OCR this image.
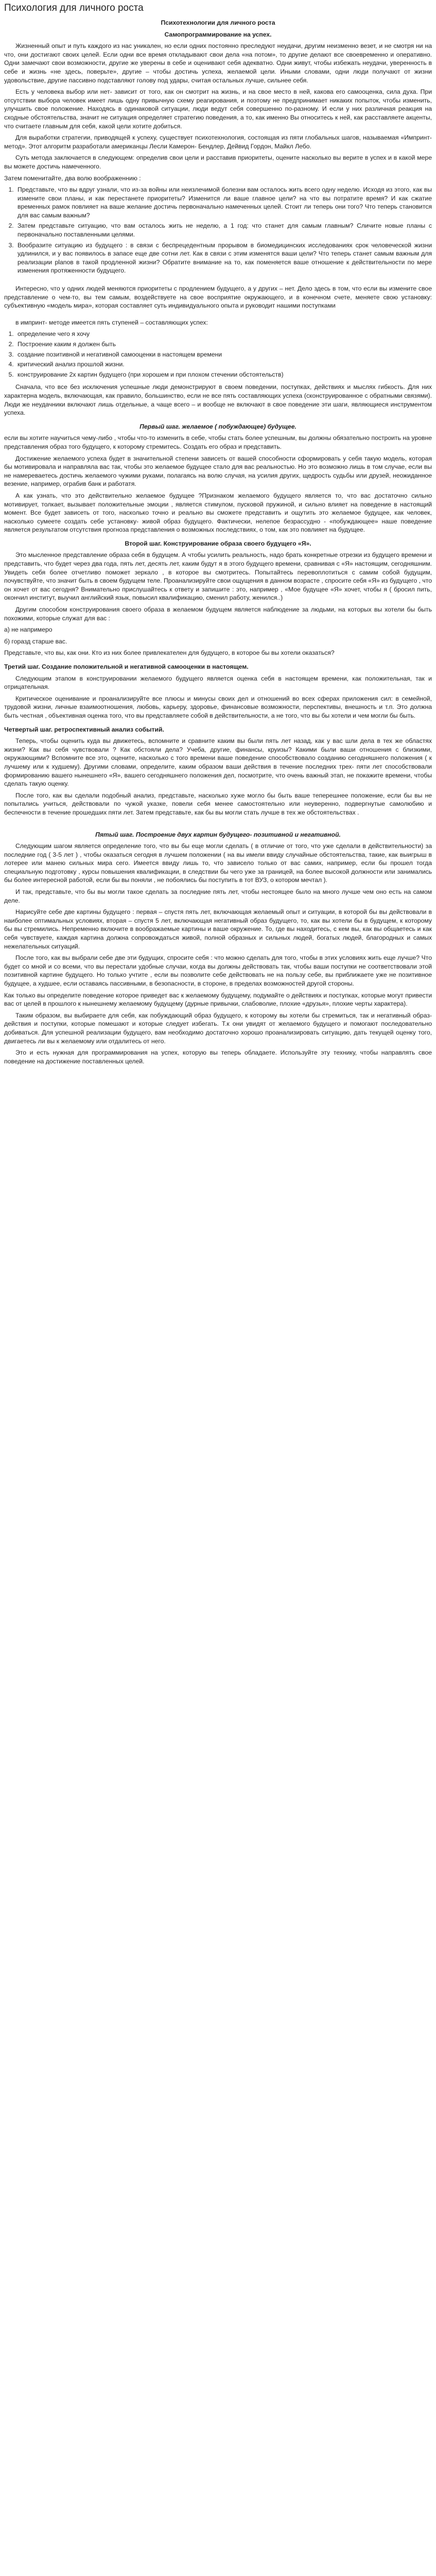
Психология для личного роста
Психотехнологии для личного роста
Самопрограммирование на успех.

Жизненный опыт и путь каждого из нас уникален, но если одних постоянно преследуют неудачи, другим неизменно везет, и не смотря ни на что, они достигают своих целей. Если одни все время откладывают свои дела «на потом», то другие делают все своевременно и оперативно. Одни замечают свои возможности, другие же уверены в себе и оценивают себя адекватно. Одни живут, чтобы избежать неудачи, уверенность в себе и жизнь «не здесь, поверьте», другие – чтобы достичь успеха, желаемой цели. Иными словами, одни люди получают от жизни удовольствие, другие пассивно подставляют голову под удары, считая остальных лучше, сильнее себя.

Есть у человека выбор или нет- зависит от того, как он смотрит на жизнь, и на свое место в ней, какова его самооценка, сила духа. При отсутствии выбора человек имеет лишь одну привычную схему реагирования, и поэтому не предпринимает никаких попыток, чтобы изменить, улучшить свое положение. Находясь в одинаковой ситуации, люди ведут себя совершенно по-разному. И если у них различная реакция на сходные обстоятельства, значит не ситуация определяет стратегию поведения, а то, как именно Вы относитесь к ней, как расставляете акценты, что считаете главным для себя, какой цели хотите добиться.

Для выработки стратегии, приводящей к успеху, существует психотехнология, состоящая из пяти глобальных шагов, называемая «Импринт- метод». Этот алгоритм разработали американцы Лесли Камерон- Бендлер, Дейвид Гордон, Майкл Лебо.

Суть метода заключается в следующем: определив свои цели и расставив приоритеты, оцените насколько вы верите в успех и в какой мере вы можете достичь намеченного.

Затем поменитайте, два волю воображеннию :

1. Представьте, что вы вдруг узнали, что из-за войны или неизлечимой болезни вам осталось жить всего одну неделю. Исходя из этого, как вы измените свои планы, и как перестанете приоритеты? Изменится ли ваше главное цели? на что вы потратите время? И как сжатие временных рамок повлияет на ваше желание достичь первоначально намеченных целей. Стоит ли теперь они того? Что теперь становится для вас самым важным?
2. Затем представьте ситуацию, что вам осталось жить не неделю, а 1 год: что станет для самым главным? Сличите новые планы с первоначально поставленными целями.
3. Вообразите ситуацию из будущего : в связи с беспрецедентным прорывом в биомедицинских исследованиях срок человеческой жизни удлинился, и у вас появилось в запасе еще две сотни лет. Как в связи с этим изменятся ваши цели? Что теперь станет самым важным для реализации planов в такой продленной жизни? Обратите внимание на то, как поменяется ваше отношение к действительности по мере изменения протяженности будущего.

Интересно, что у одних людей меняются приоритеты с продлением будущего, а у других – нет. Дело здесь в том, что если вы измените свое представление о чем-то, вы тем самым, воздействуете на свое восприятие окружающего, и в конечном счете, меняете свою установку: субъективную «модель мира», которая составляет суть индивидуального опыта и руководит нашими поступками

в импринт- методе имеется пять ступеней – составляющих успех:

1. определение чего я хочу
2. Построение каким я должен быть
3. создание позитивной и негативной самооценки в настоящем времени
4. критический анализ прошлой жизни.
5. конструирование 2х картин будущего (при хорошем и при плохом стечении обстоятельств)

Сначала, что все без исключения успешные люди демонстрируют в своем поведении, поступках, действиях и мыслях гибкость. Для них характерна модель, включающая, как правило, большинство, если не все пять составляющих успеха (сконструированное с обратными связями). Люди же неудачники включают лишь отдельные, а чаще всего – и вообще не включают в свое поведение эти шаги, являющиеся инструментом успеха.

Первый шаг. желаемое ( побуждающее) будущее.

если вы хотите научиться чему-либо , чтобы что-то изменить в себе, чтобы стать более успешным, вы должны обязательно построить на уровне представления образ того будущего, к которому стремитесь. Создать его образ и представить.

Достижение желаемого успеха будет в значительной степени зависеть от вашей способности сформировать у себя такую модель, которая бы мотивировала и направляла вас так, чтобы это желаемое будущее стало для вас реальностью. Но это возможно лишь в том случае, если вы не намереваетесь достичь желаемого чужими руками, полагаясь на волю случая, на усилия других, щедрость судьбы или друзей, неожиданное везение, например, ограбив банк и работатя.

А как узнать, что это действительно желаемое будущее ?Признаком желаемого будущего является то, что вас достаточно сильно мотивирует, толкает, вызывает положительные эмоции , является стимулом, пусковой пружиной, и сильно влияет на поведение в настоящий момент. Все будет зависеть от того, насколько точно и реально вы сможете представить и ощутить это желаемое будущее, как человек, насколько сумеете создать себе установку- живой образ будущего. Фактически, нелепое безрассудно - «побуждающее» наше поведение является результатом отсутствия прогноза представления о возможных последствиях, о том, как это повлияет на будущее.

Второй шаг. Конструирование образа своего будущего «Я».

Это мысленное представление образа себя в будущем. А чтобы усилить реальность, надо брать конкретные отрезки из будущего времени и представить, что будет через два года, пять лет, десять лет, каким будут я в этого будущего времени, сравнивая с «Я» настоящим, сегодняшним. Увидеть себя более отчетливо поможет зеркало , в которое вы смотритесь. Попытайтесь перевоплотиться с самим собой будущим, почувствуйте, что значит быть в своем будущем теле. Проанализируйте свои ощущения в данном возрасте , спросите себя «Я» из будущего , что он хочет от вас сегодня? Внимательно прислушайтесь к ответу и запишите : это, например , «Мое будущее «Я» хочет, чтобы я ( бросил пить, окончил институт, выучил английский язык, повысил квалификацию, сменил работу, женился..)

Другим способом конструирования своего образа в желаемом будущем является наблюдение за людьми, на которых вы хотели бы быть похожими, которые служат для вас :

а) не напримерo

б) горазд старше вас.

Представьте, что вы, как они. Кто из них более привлекателен для будущего, в которое бы вы хотели оказаться?

Третий шаг. Создание положительной и негативной самооценки в настоящем.

Следующим этапом в конструировании желаемого будущего является оценка себя в настоящем времени, как положительная, так и отрицательная.

Критическое оценивание и проанализируйте все плюсы и минусы своих дел и отношений во всех сферах приложения сил: в семейной, трудовой жизни, личные взаимоотношения, любовь, карьеру, здоровье, финансовые возможности, перспективы, внешность и т.п. Это должна быть честная , объективная оценка того, что вы представляете собой в действительности, а не того, что вы бы хотели и чем могли бы быть.

Четвертый шаг. ретроспективный анализ событий.

Теперь, чтобы оценить куда вы движетесь, вспомните и сравните каким вы были пять лет назад, как у вас шли дела в тех же областях жизни? Как вы себя чувствовали ? Как обстояли дела? Учеба, другие, финансы, круизы? Какими были ваши отношения с близкими, окружающими? Вспомните все это, оцените, насколько с того времени ваше поведение способствовало созданию сегодняшнего положения ( к лучшему или к худшему). Другими словами, определите, каким образом ваши действия в течение последних трех- пяти лет способствовали формированию вашего нынешнего «Я», вашего сегодняшнего положения дел, посмотрите, что очень важный этап, не покажите времени, чтобы сделать такую оценку.

После того, как вы сделали подобный анализ, представьте, насколько хуже могло бы быть ваше теперешнее положение, если бы вы не попытались учиться, действовали по чужой указке, повели себя менее самостоятельно или неуверенно, подвергнутые самолюбию и беспечности в течение прошедших пяти лет. Затем представьте, как бы вы могли стать лучше в тех же обстоятельствах .

Пятый шаг. Построение двух картин будущего- позитивной и негативной.

Следующим шагом является определение того, что вы бы еще могли сделать ( в отличие от того, что уже сделали в действительности) за последние год ( 3-5 лет ) , чтобы оказаться сегодня в лучшем положении ( на вы имели ввиду случайные обстоятельства, такие, как выигрыш в лотерее или манею сильных мира сего. Имеется ввиду лишь то, что зависело только от вас самих, например, если бы прошел тогда специальную подготовку , курсы повышения квалификации, в следствии бы чего уже за границей, на более высокой должности или занимались бы более интересной работой, если бы вы поняли , не побоялись бы поступить в тот ВУЗ, о котором мечтал ).

И так, представьте, что бы вы могли такое сделать за последние пять лет, чтобы нестоящее было на много лучше чем оно есть на самом деле.

Нарисуйте себе две картины будущего : первая – спустя пять лет, включающая желаемый опыт и ситуации, в которой бы вы действовали в наиболее оптимальных условиях, вторая – спустя 5 лет, включающая негативный образ будущего, то, как вы хотели бы в будущем, к которому бы вы стремились. Непременно включите в воображаемые картины и ваше окружение. То, где вы находитесь, с кем вы, как вы общаетесь и как себя чувствуете, каждая картина должна сопровождаться живой, полной образных и сильных людей, богатых людей, благородных и самых нежелательных ситуаций.

После того, как вы выбрали себе две эти будущих, спросите себя : что можно сделать для того, чтобы в этих условиях жить еще лучше? Что будет со мной и со всеми, что вы перестали удобные случаи, когда вы должны действовать так, чтобы ваши поступки не соответствовали этой позитивной картине будущего. Но только учтите , если вы позволите себе действовать не на пользу себе, вы приближаете уже не позитивное будущее, а худшее, если оставаясь пассивными, в безопасности, в стороне, в пределах возможностей другой стороны.

Как только вы определите поведение которое приведет вас к желаемому будущему, подумайте о действиях и поступках, которые могут привести вас от целей в прошлого к нынешнему желаемому будущему (дурные привычки, слабоволие, плохие «друзья», плохие черты характера).

Таким образом, вы выбираете для себя, как побуждающий образ будущего, к которому вы хотели бы стремиться, так и негативный образ- действия и поступки, которые помешают и которые следует избегать. Т.к они увидят от желаемого будущего и помогают последовательно добиваться. Для успешной реализации будущего, вам необходимо достаточно хорошо проанализировать ситуацию, дать текущей оценку того, двигаетесь ли вы к желаемому или отдалитесь от него.

Это и есть нужная для программирования на успех, которую вы теперь обладаете. Используйте эту технику, чтобы направлять свое поведение на достижение поставленных целей.
